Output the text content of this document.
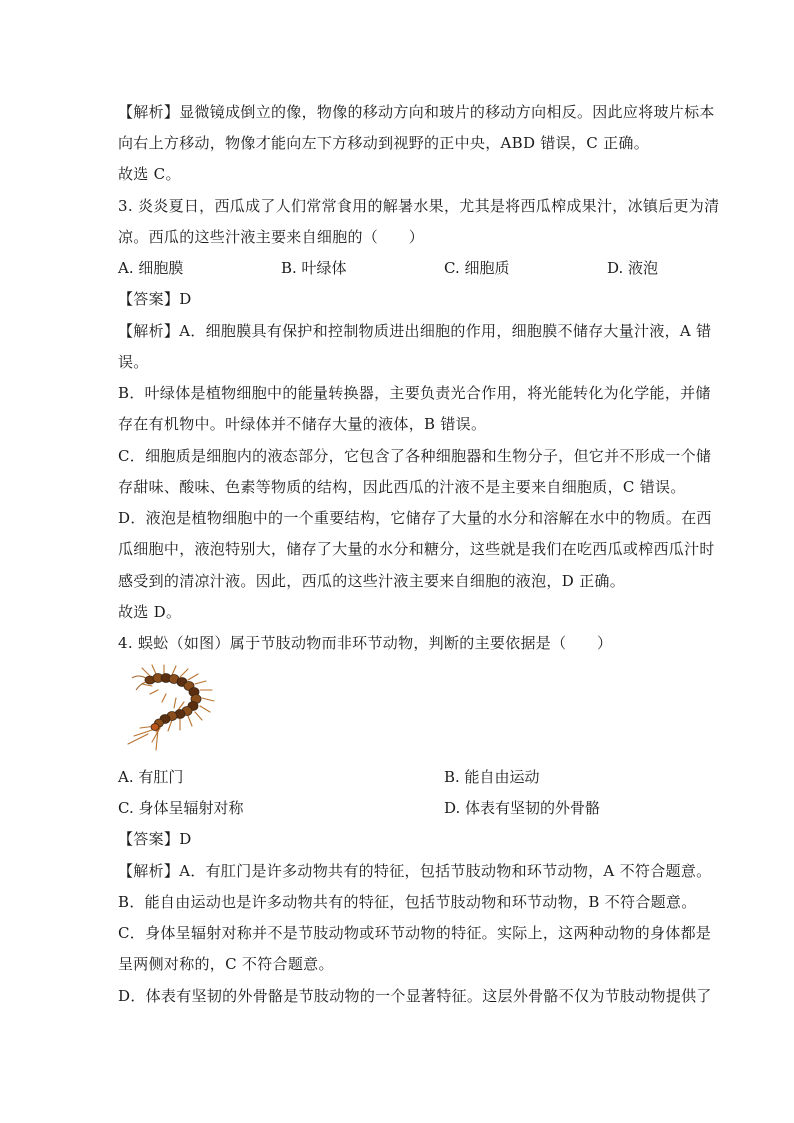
【解析】显微镜成倒立的像，物像的移动方向和玻片的移动方向相反。因此应将玻片标本
向右上方移动，物像才能向左下方移动到视野的正中央，ABD 错误，C 正确。
故选 C。
3. 炎炎夏日，西瓜成了人们常常食用的解暑水果，尤其是将西瓜榨成果汁，冰镇后更为清
凉。西瓜的这些汁液主要来自细胞的（　　）
A. 细胞膜	B. 叶绿体	C. 细胞质	D. 液泡
【答案】D
【解析】A．细胞膜具有保护和控制物质进出细胞的作用，细胞膜不储存大量汁液，A 错
误。
B．叶绿体是植物细胞中的能量转换器，主要负责光合作用，将光能转化为化学能，并储
存在有机物中。叶绿体并不储存大量的液体，B 错误。
C．细胞质是细胞内的液态部分，它包含了各种细胞器和生物分子，但它并不形成一个储
存甜味、酸味、色素等物质的结构，因此西瓜的汁液不是主要来自细胞质，C 错误。
D．液泡是植物细胞中的一个重要结构，它储存了大量的水分和溶解在水中的物质。在西
瓜细胞中，液泡特别大，储存了大量的水分和糖分，这些就是我们在吃西瓜或榨西瓜汁时
感受到的清凉汁液。因此，西瓜的这些汁液主要来自细胞的液泡，D 正确。
故选 D。
4. 蜈蚣（如图）属于节肢动物而非环节动物，判断的主要依据是（　　）
A. 有肛门	B. 能自由运动
C. 身体呈辐射对称	D. 体表有坚韧的外骨骼
【答案】D
【解析】A．有肛门是许多动物共有的特征，包括节肢动物和环节动物，A 不符合题意。
B．能自由运动也是许多动物共有的特征，包括节肢动物和环节动物，B 不符合题意。
C．身体呈辐射对称并不是节肢动物或环节动物的特征。实际上，这两种动物的身体都是
呈两侧对称的，C 不符合题意。
D．体表有坚韧的外骨骼是节肢动物的一个显著特征。这层外骨骼不仅为节肢动物提供了
